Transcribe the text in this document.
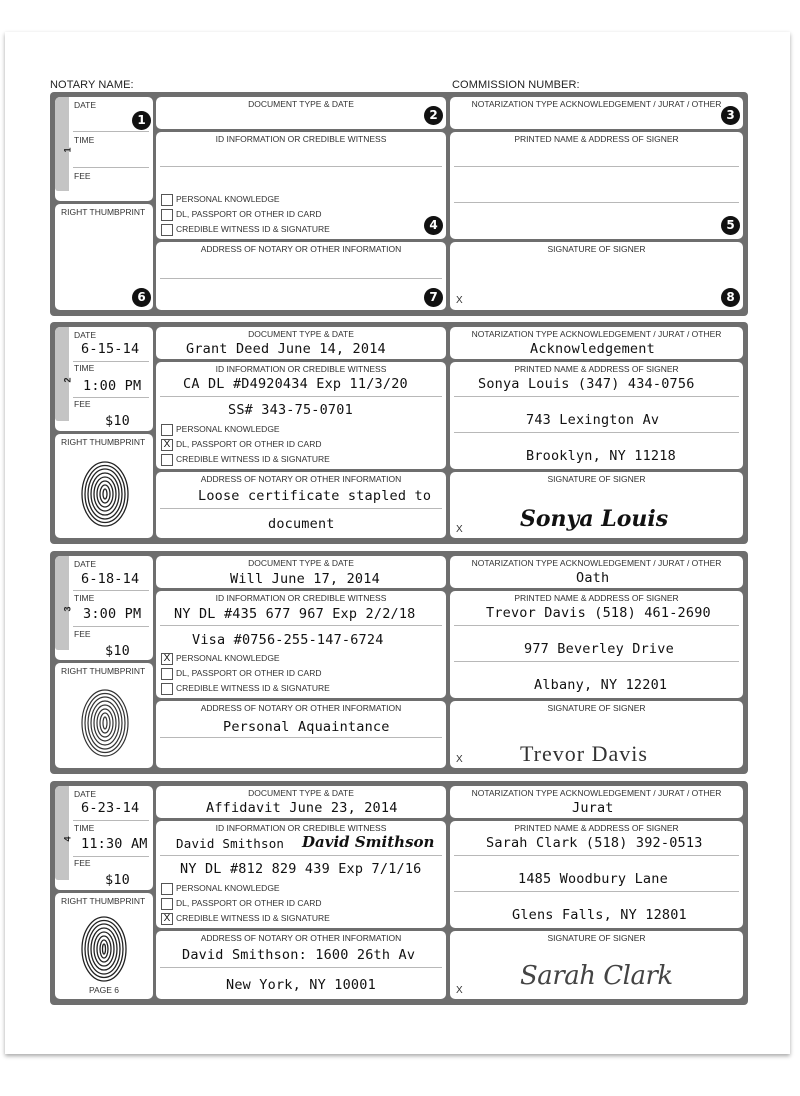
NOTARY NAME:	COMMISSION NUMBER:
1
DATE
TIME
FEE
1
RIGHT THUMBPRINT
6
DOCUMENT TYPE & DATE
2
ID INFORMATION OR CREDIBLE WITNESS
PERSONAL KNOWLEDGE
DL, PASSPORT OR OTHER ID CARD
CREDIBLE WITNESS ID & SIGNATURE	4
ADDRESS OF NOTARY OR OTHER INFORMATION
7
NOTARIZATION TYPE ACKNOWLEDGEMENT / JURAT / OTHER
3
PRINTED NAME & ADDRESS OF SIGNER
5
SIGNATURE OF SIGNER
X	8
2
DATE
6-15-14
TIME
1:00 PM
FEE
$10
RIGHT THUMBPRINT
DOCUMENT TYPE & DATE
Grant Deed June 14, 2014
ID INFORMATION OR CREDIBLE WITNESS
CA DL #D4920434 Exp 11/3/20
SS# 343-75-0701
PERSONAL KNOWLEDGE
X DL, PASSPORT OR OTHER ID CARD
CREDIBLE WITNESS ID & SIGNATURE
ADDRESS OF NOTARY OR OTHER INFORMATION
Loose certificate stapled to
document
NOTARIZATION TYPE ACKNOWLEDGEMENT / JURAT / OTHER
Acknowledgement
PRINTED NAME & ADDRESS OF SIGNER
Sonya Louis (347) 434-0756
743 Lexington Av
Brooklyn, NY 11218
SIGNATURE OF SIGNER
X	Sonya Louis
3
DATE
6-18-14
TIME
3:00 PM
FEE
$10
RIGHT THUMBPRINT
DOCUMENT TYPE & DATE
Will June 17, 2014
ID INFORMATION OR CREDIBLE WITNESS
NY DL #435 677 967 Exp 2/2/18
Visa #0756-255-147-6724
X PERSONAL KNOWLEDGE
DL, PASSPORT OR OTHER ID CARD
CREDIBLE WITNESS ID & SIGNATURE
ADDRESS OF NOTARY OR OTHER INFORMATION
Personal Aquaintance
NOTARIZATION TYPE ACKNOWLEDGEMENT / JURAT / OTHER
Oath
PRINTED NAME & ADDRESS OF SIGNER
Trevor Davis (518) 461-2690
977 Beverley Drive
Albany, NY 12201
SIGNATURE OF SIGNER
X	Trevor Davis
4
DATE
6-23-14
TIME
11:30 AM
FEE
$10
RIGHT THUMBPRINT
PAGE 6
DOCUMENT TYPE & DATE
Affidavit June 23, 2014
ID INFORMATION OR CREDIBLE WITNESS
David Smithson David Smithson
NY DL #812 829 439 Exp 7/1/16
PERSONAL KNOWLEDGE
DL, PASSPORT OR OTHER ID CARD
X CREDIBLE WITNESS ID & SIGNATURE
ADDRESS OF NOTARY OR OTHER INFORMATION
David Smithson: 1600 26th Av
New York, NY 10001
NOTARIZATION TYPE ACKNOWLEDGEMENT / JURAT / OTHER
Jurat
PRINTED NAME & ADDRESS OF SIGNER
Sarah Clark (518) 392-0513
1485 Woodbury Lane
Glens Falls, NY 12801
SIGNATURE OF SIGNER
X Sarah Clark
